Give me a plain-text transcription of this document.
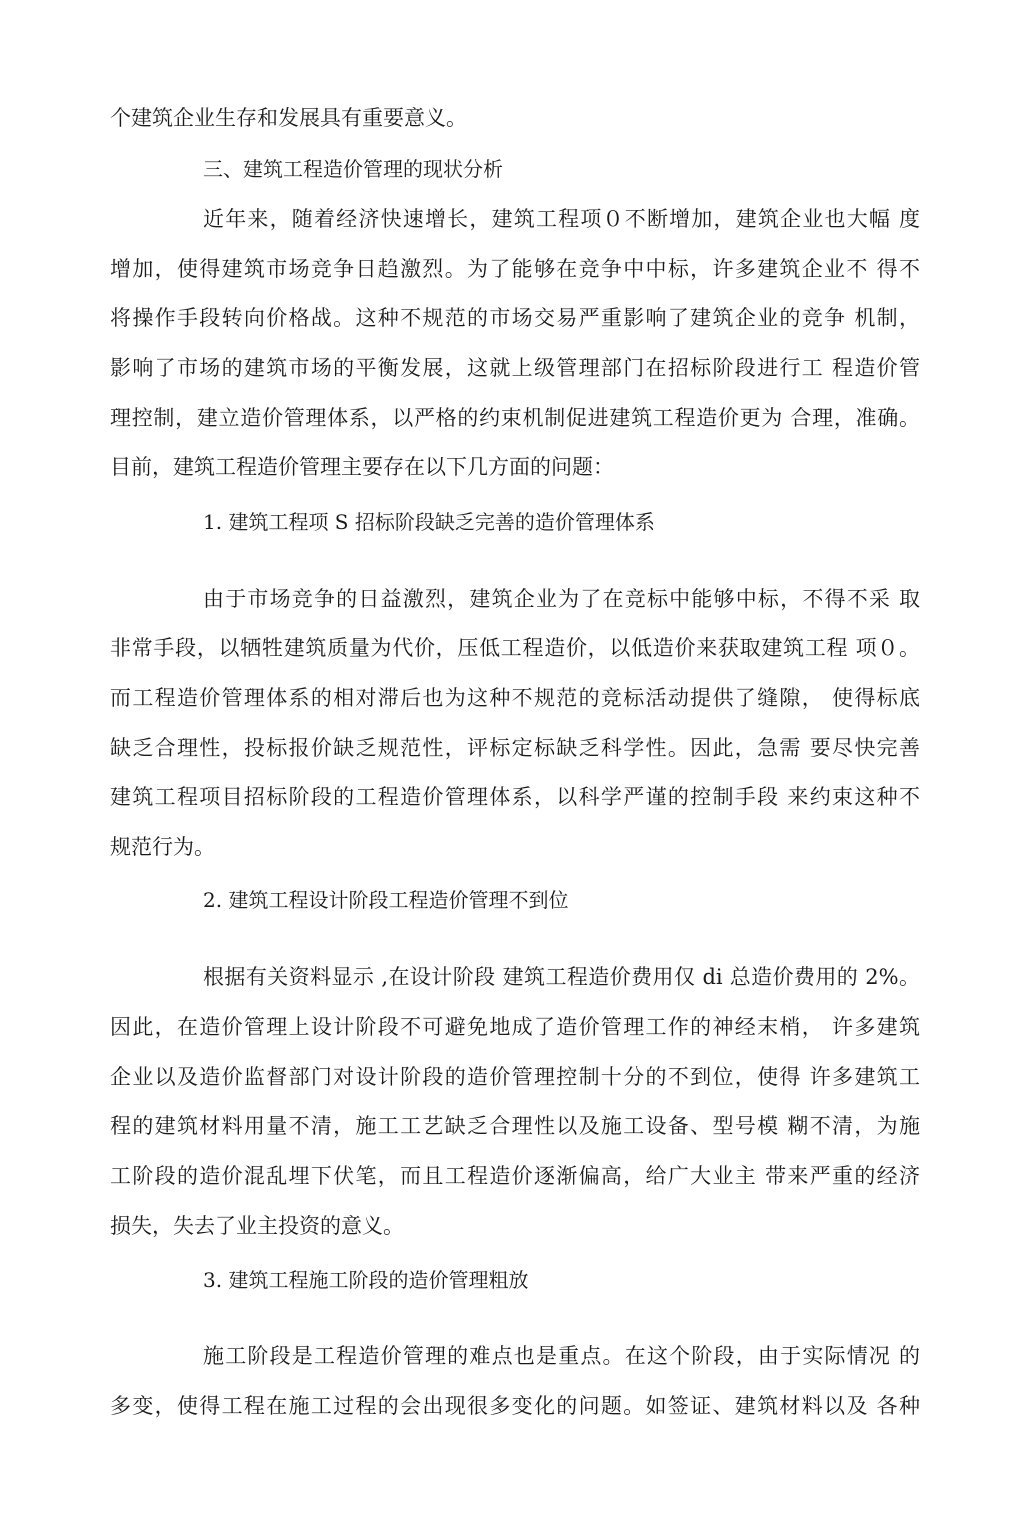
个建筑企业生存和发展具有重要意义。
三、建筑工程造价管理的现状分析
近年来，随着经济快速增长，建筑工程项０不断增加，建筑企业也大幅 度
增加，使得建筑市场竞争日趋激烈。为了能够在竞争中中标，许多建筑企业不 得不
将操作手段转向价格战。这种不规范的市场交易严重影响了建筑企业的竞争 机制，
影响了市场的建筑市场的平衡发展，这就上级管理部门在招标阶段进行工 程造价管
理控制，建立造价管理体系，以严格的约束机制促进建筑工程造价更为 合理，准确。
目前，建筑工程造价管理主要存在以下几方面的问题：
1. 建筑工程项 S 招标阶段缺乏完善的造价管理体系
由于市场竞争的日益激烈，建筑企业为了在竞标中能够中标，不得不采 取
非常手段，以牺牲建筑质量为代价，压低工程造价，以低造价来获取建筑工程 项０。
而工程造价管理体系的相对滞后也为这种不规范的竞标活动提供了缝隙， 使得标底
缺乏合理性，投标报价缺乏规范性，评标定标缺乏科学性。因此，急需 要尽快完善
建筑工程项目招标阶段的工程造价管理体系，以科学严谨的控制手段 来约束这种不
规范行为。
2. 建筑工程设计阶段工程造价管理不到位
根据有关资料显示 ,在设计阶段 建筑工程造价费用仅 di 总造价费用的 2%。
因此，在造价管理上设计阶段不可避免地成了造价管理工作的神经末梢， 许多建筑
企业以及造价监督部门对设计阶段的造价管理控制十分的不到位，使得 许多建筑工
程的建筑材料用量不清，施工工艺缺乏合理性以及施工设备、型号模 糊不清，为施
工阶段的造价混乱埋下伏笔，而且工程造价逐渐偏高，给广大业主 带来严重的经济
损失，失去了业主投资的意义。
3. 建筑工程施工阶段的造价管理粗放
施工阶段是工程造价管理的难点也是重点。在这个阶段，由于实际情况 的
多变，使得工程在施工过程的会出现很多变化的问题。如签证、建筑材料以及 各种
